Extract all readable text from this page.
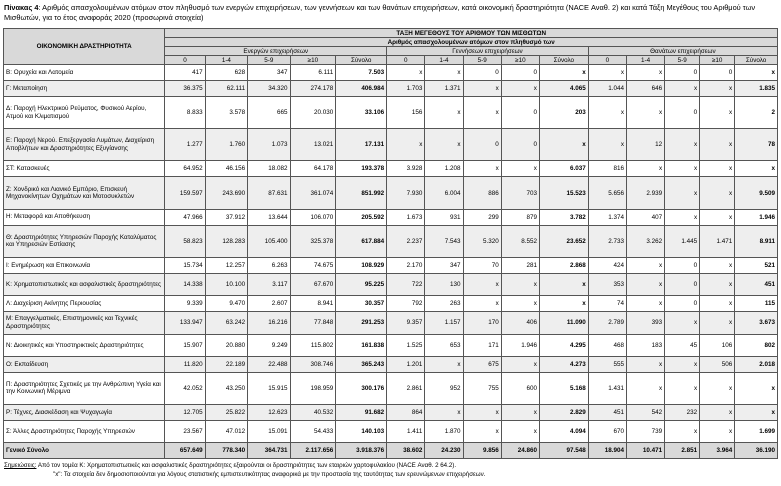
Πίνακας 4: Αριθμός απασχολουμένων ατόμων στον πληθυσμό των ενεργών επιχειρήσεων, των γεννήσεων και των θανάτων επιχειρήσεων, κατά οικονομική δραστηριότητα (NACE Αναθ. 2) και κατά Τάξη Μεγέθους του Αριθμού των Μισθωτών, για το έτος αναφοράς 2020 (προσωρινά στοιχεία)
ΟΙΚΟΝΟΜΙΚΗ ΔΡΑΣΤΗΡΙΟΤΗΤΑ	ΤΑΞΗ ΜΕΓΕΘΟΥΣ ΤΟΥ ΑΡΙΘΜΟΥ ΤΩΝ ΜΙΣΘΩΤΩΝ														
	Αριθμός απασχολουμένων ατόμων στον πληθυσμό των														
	Ενεργών επιχειρήσεων					Γεννήσεων επιχειρήσεων					Θανάτων επιχειρήσεων				
	0	1-4	5-9	≥10	Σύνολο	0	1-4	5-9	≥10	Σύνολο	0	1-4	5-9	≥10	Σύνολο
Β: Ορυχεία και Λατομεία	417	628	347	6.111	7.503	x	x	0	0	x	x	x	0	0	x
Γ: Μεταποίηση	36.375	62.111	34.320	274.178	406.984	1.703	1.371	x	x	4.065	1.044	646	x	x	1.835
Δ: Παροχή Ηλεκτρικού Ρεύματος, Φυσικού Αερίου, Ατμού και Κλιματισμού	8.833	3.578	665	20.030	33.106	156	x	x	0	203	x	x	0	x	2
Ε: Παροχή Νερού. Επεξεργασία Λυμάτων, Διαχείριση Αποβλήτων και Δραστηριότητες Εξυγίανσης	1.277	1.760	1.073	13.021	17.131	x	x	0	0	x	x	12	x	x	78
ΣΤ: Κατασκευές	64.952	46.156	18.082	64.178	193.378	3.928	1.208	x	x	6.037	816	x	x	x	x
Ζ: Χονδρικό και Λιανικό Εμπόριο, Επισκευή Μηχανοκίνητων Οχημάτων και Μοτοσυκλετών	159.597	243.690	87.631	361.074	851.992	7.930	6.004	886	703	15.523	5.656	2.939	x	x	9.509
Η: Μεταφορά και Αποθήκευση	47.966	37.912	13.644	106.070	205.592	1.673	931	299	879	3.782	1.374	407	x	x	1.946
Θ: Δραστηριότητες Υπηρεσιών Παροχής Καταλύματος και Υπηρεσιών Εστίασης	58.823	128.283	105.400	325.378	617.884	2.237	7.543	5.320	8.552	23.652	2.733	3.262	1.445	1.471	8.911
Ι: Ενημέρωση και Επικοινωνία	15.734	12.257	6.263	74.675	108.929	2.170	347	70	281	2.868	424	x	0	x	521
Κ: Χρηματοπιστωτικές και ασφαλιστικές δραστηριότητες	14.338	10.100	3.117	67.670	95.225	722	130	x	x	x	353	x	0	x	451
Λ: Διαχείριση Ακίνητης Περιουσίας	9.339	9.470	2.607	8.941	30.357	792	263	x	x	x	74	x	0	x	115
Μ: Επαγγελματικές, Επιστημονικές και Τεχνικές Δραστηριότητες	133.947	63.242	16.216	77.848	291.253	9.357	1.157	170	406	11.090	2.789	393	x	x	3.673
Ν: Διοικητικές και Υποστηρικτικές Δραστηριότητες	15.907	20.880	9.249	115.802	161.838	1.525	653	171	1.946	4.295	468	183	45	106	802
Ο: Εκπαίδευση	11.820	22.189	22.488	308.746	365.243	1.201	x	675	x	4.273	555	x	x	506	2.018
Π: Δραστηριότητες Σχετικές με την Ανθρώπινη Υγεία και την Κοινωνική Μέριμνα	42.052	43.250	15.915	198.959	300.176	2.861	952	755	600	5.168	1.431	x	x	x	x
Ρ: Τέχνες, Διασκέδαση και Ψυχαγωγία	12.705	25.822	12.623	40.532	91.682	864	x	x	x	2.829	451	542	232	x	x
Σ: Άλλες Δραστηριότητες Παροχής Υπηρεσιών	23.567	47.012	15.091	54.433	140.103	1.411	1.870	x	x	4.094	670	739	x	x	1.699
Γενικό Σύνολο	657.649	778.340	364.731	2.117.656	3.918.376	38.602	24.230	9.856	24.860	97.548	18.904	10.471	2.851	3.964	36.190
Σημειώσεις: Από τον τομέα Κ: Χρηματοπιστωτικές και ασφαλιστικές δραστηριότητες εξαιρούνται οι δραστηριότητες των εταιριών χαρτοφυλακίου (NACE Αναθ. 2 64.2).
"x": Τα στοιχεία δεν δημοσιοποιούνται για λόγους στατιστικής εμπιστευτικότητας αναφορικά με την προστασία της ταυτότητας των ερευνώμενων επιχειρήσεων.
